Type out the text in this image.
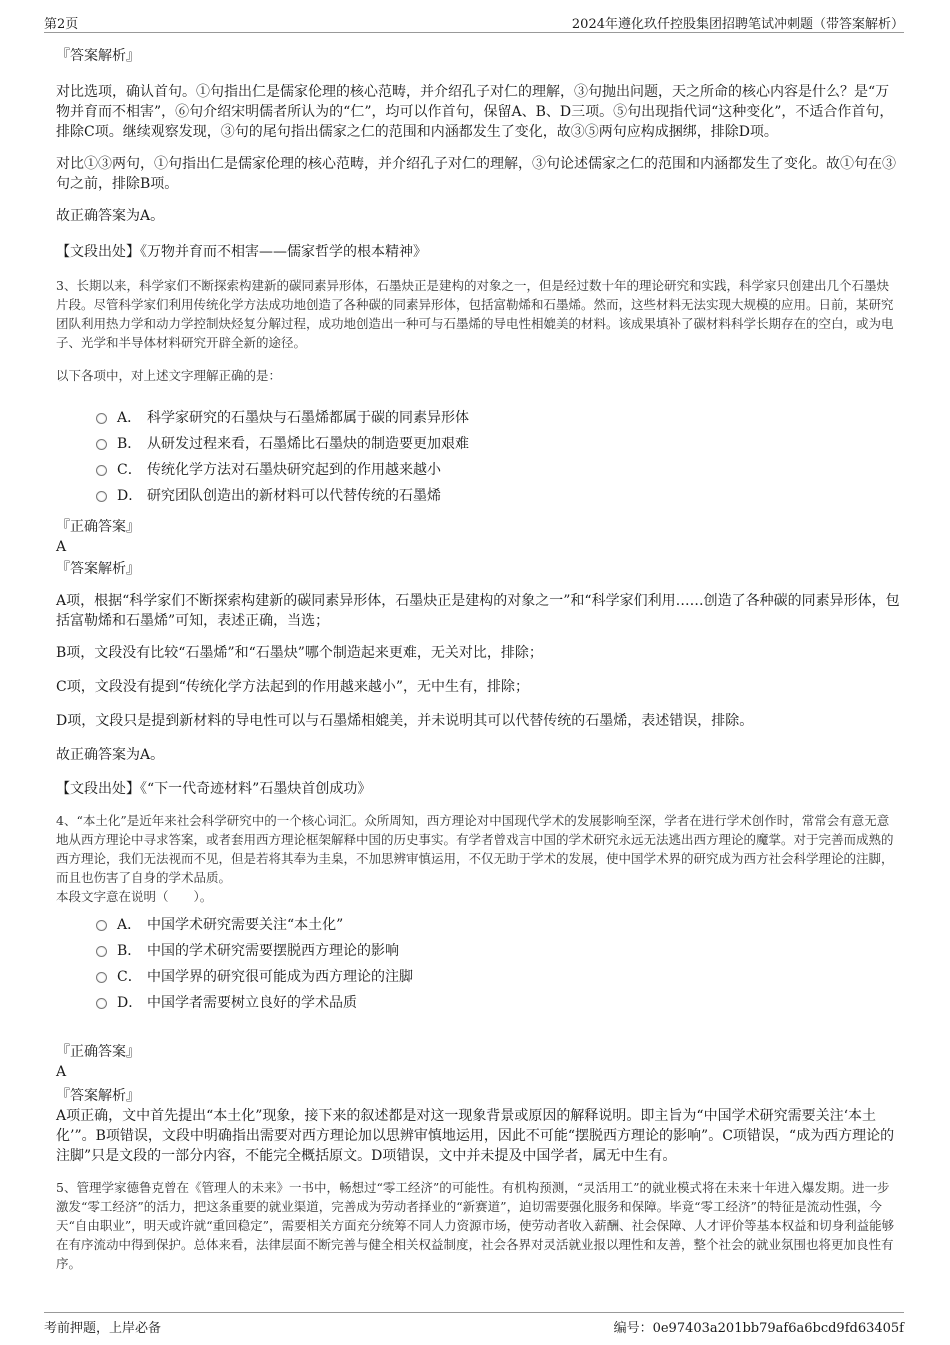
第2页	2024年遵化玖仟控股集团招聘笔试冲刺题（带答案解析）

『答案解析』

对比选项，确认首句。①句指出仁是儒家伦理的核心范畴，并介绍孔子对仁的理解，③句抛出问题，天之所命的核心内容是什么？是“万物并育而不相害”，⑥句介绍宋明儒者所认为的“仁”，均可以作首句，保留A、B、D三项。⑤句出现指代词“这种变化”，不适合作首句，排除C项。继续观察发现，③句的尾句指出儒家之仁的范围和内涵都发生了变化，故③⑤两句应构成捆绑，排除D项。

对比①③两句，①句指出仁是儒家伦理的核心范畴，并介绍孔子对仁的理解，③句论述儒家之仁的范围和内涵都发生了变化。故①句在③句之前，排除B项。

故正确答案为A。

【文段出处】《万物并育而不相害——儒家哲学的根本精神》

3、长期以来，科学家们不断探索构建新的碳同素异形体，石墨炔正是建构的对象之一，但是经过数十年的理论研究和实践，科学家只创建出几个石墨炔片段。尽管科学家们利用传统化学方法成功地创造了各种碳的同素异形体，包括富勒烯和石墨烯。然而，这些材料无法实现大规模的应用。日前，某研究团队利用热力学和动力学控制炔烃复分解过程，成功地创造出一种可与石墨烯的导电性相媲美的材料。该成果填补了碳材料科学长期存在的空白，或为电子、光学和半导体材料研究开辟全新的途径。

以下各项中，对上述文字理解正确的是：

A． 科学家研究的石墨炔与石墨烯都属于碳的同素异形体
B． 从研发过程来看，石墨烯比石墨炔的制造要更加艰难
C． 传统化学方法对石墨炔研究起到的作用越来越小
D． 研究团队创造出的新材料可以代替传统的石墨烯

『正确答案』

A

『答案解析』

A项，根据“科学家们不断探索构建新的碳同素异形体，石墨炔正是建构的对象之一”和“科学家们利用……创造了各种碳的同素异形体，包括富勒烯和石墨烯”可知，表述正确，当选；

B项，文段没有比较“石墨烯”和“石墨炔”哪个制造起来更难，无关对比，排除；

C项，文段没有提到“传统化学方法起到的作用越来越小”，无中生有，排除；

D项，文段只是提到新材料的导电性可以与石墨烯相媲美，并未说明其可以代替传统的石墨烯，表述错误，排除。

故正确答案为A。

【文段出处】《“下一代奇迹材料”石墨炔首创成功》

4、“本土化”是近年来社会科学研究中的一个核心词汇。众所周知，西方理论对中国现代学术的发展影响至深，学者在进行学术创作时，常常会有意无意地从西方理论中寻求答案，或者套用西方理论框架解释中国的历史事实。有学者曾戏言中国的学术研究永远无法逃出西方理论的魔掌。对于完善而成熟的西方理论，我们无法视而不见，但是若将其奉为圭臬，不加思辨审慎运用，不仅无助于学术的发展，使中国学术界的研究成为西方社会科学理论的注脚，而且也伤害了自身的学术品质。

本段文字意在说明（　　）。

A． 中国学术研究需要关注“本土化”
B． 中国的学术研究需要摆脱西方理论的影响
C． 中国学界的研究很可能成为西方理论的注脚
D． 中国学者需要树立良好的学术品质

『正确答案』

A

『答案解析』

A项正确，文中首先提出“本土化”现象，接下来的叙述都是对这一现象背景或原因的解释说明。即主旨为“中国学术研究需要关注‘本土化’”。B项错误，文段中明确指出需要对西方理论加以思辨审慎地运用，因此不可能“摆脱西方理论的影响”。C项错误，“成为西方理论的注脚”只是文段的一部分内容，不能完全概括原文。D项错误，文中并未提及中国学者，属无中生有。

5、管理学家德鲁克曾在《管理人的未来》一书中，畅想过“零工经济”的可能性。有机构预测，“灵活用工”的就业模式将在未来十年进入爆发期。进一步激发“零工经济”的活力，把这条重要的就业渠道，完善成为劳动者择业的“新赛道”，迫切需要强化服务和保障。毕竟“零工经济”的特征是流动性强，今天“自由职业”，明天或许就“重回稳定”，需要相关方面充分统筹不同人力资源市场，使劳动者收入薪酬、社会保障、人才评价等基本权益和切身利益能够在有序流动中得到保护。总体来看，法律层面不断完善与健全相关权益制度，社会各界对灵活就业报以理性和友善，整个社会的就业氛围也将更加良性有序。

考前押题，上岸必备	编号：0e97403a201bb79af6a6bcd9fd63405f
